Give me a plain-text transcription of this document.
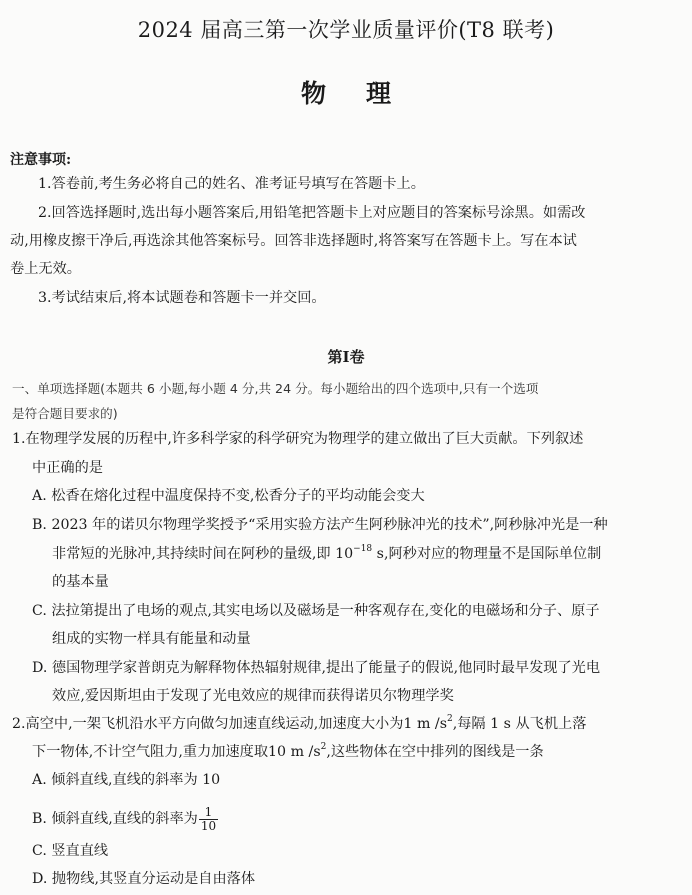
2024 届高三第一次学业质量评价(T8 联考)
物理
注意事项:
1.答卷前,考生务必将自己的姓名、准考证号填写在答题卡上。
2.回答选择题时,选出每小题答案后,用铅笔把答题卡上对应题目的答案标号涂黑。如需改
动,用橡皮擦干净后,再选涂其他答案标号。回答非选择题时,将答案写在答题卡上。写在本试
卷上无效。
3.考试结束后,将本试题卷和答题卡一并交回。
第Ⅰ卷
一、单项选择题(本题共 6 小题,每小题 4 分,共 24 分。每小题给出的四个选项中,只有一个选项
是符合题目要求的)
1.在物理学发展的历程中,许多科学家的科学研究为物理学的建立做出了巨大贡献。下列叙述
中正确的是
A. 松香在熔化过程中温度保持不变,松香分子的平均动能会变大
B. 2023 年的诺贝尔物理学奖授予“采用实验方法产生阿秒脉冲光的技术”,阿秒脉冲光是一种
非常短的光脉冲,其持续时间在阿秒的量级,即 $10^{-18}$ s,阿秒对应的物理量不是国际单位制
的基本量
C. 法拉第提出了电场的观点,其实电场以及磁场是一种客观存在,变化的电磁场和分子、原子
组成的实物一样具有能量和动量
D. 德国物理学家普朗克为解释物体热辐射规律,提出了能量子的假说,他同时最早发现了光电
效应,爱因斯坦由于发现了光电效应的规律而获得诺贝尔物理学奖
2.高空中,一架飞机沿水平方向做匀加速直线运动,加速度大小为1 m $/s^2$,每隔 1 s 从飞机上落
下一物体,不计空气阻力,重力加速度取10 m $/s^2$,这些物体在空中排列的图线是一条
A. 倾斜直线,直线的斜率为 10
B. 倾斜直线,直线的斜率为 $\frac{1}{10}$
C. 竖直直线
D. 抛物线,其竖直分运动是自由落体
